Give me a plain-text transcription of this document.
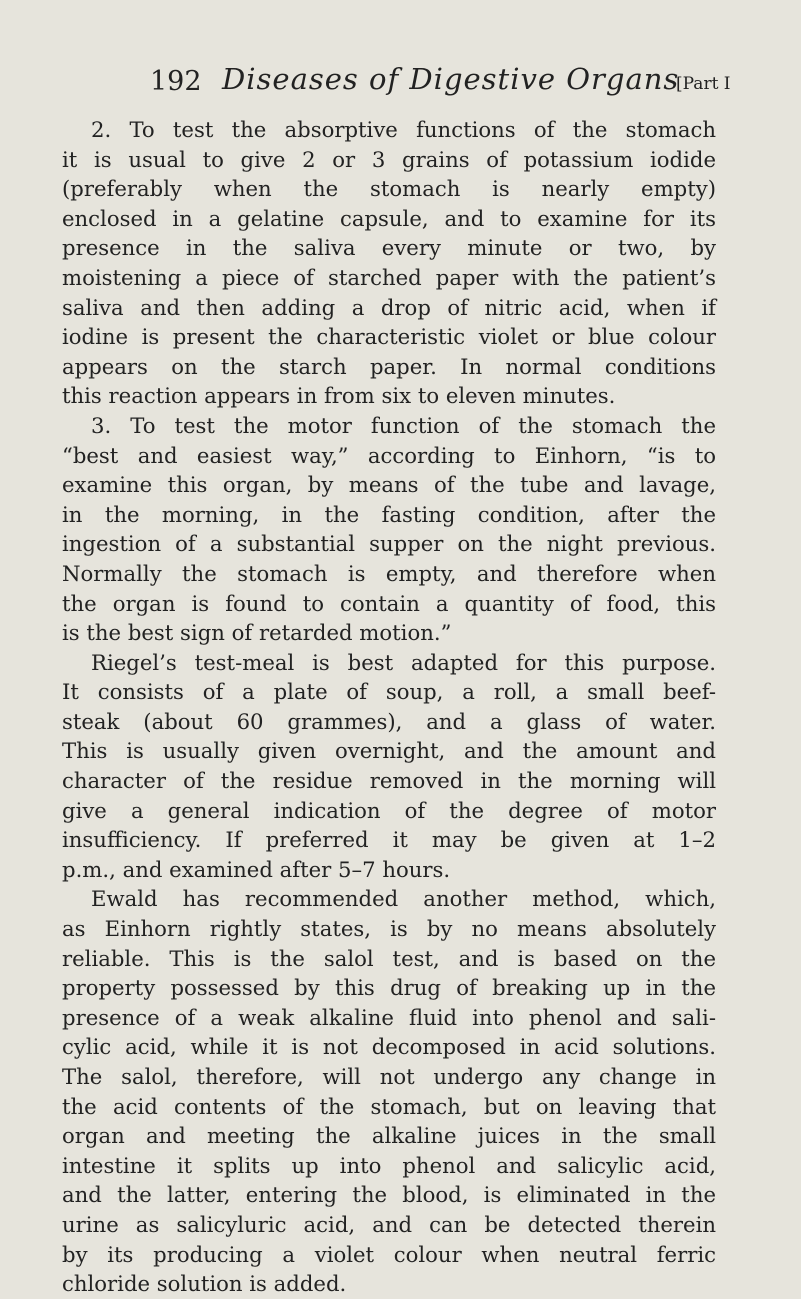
192 Diseases of Digestive Organs
[Part I
2. To test the absorptive functions of the stomach
it is usual to give 2 or 3 grains of potassium iodide
(preferably when the stomach is nearly empty)
enclosed in a gelatine capsule, and to examine for its
presence in the saliva every minute or two, by
moistening a piece of starched paper with the patient’s
saliva and then adding a drop of nitric acid, when if
iodine is present the characteristic violet or blue colour
appears on the starch paper. In normal conditions
this reaction appears in from six to eleven minutes.
3. To test the motor function of the stomach the
“best and easiest way,” according to Einhorn, “is to
examine this organ, by means of the tube and lavage,
in the morning, in the fasting condition, after the
ingestion of a substantial supper on the night previous.
Normally the stomach is empty, and therefore when
the organ is found to contain a quantity of food, this
is the best sign of retarded motion.”
Riegel’s test-meal is best adapted for this purpose.
It consists of a plate of soup, a roll, a small beef-
steak (about 60 grammes), and a glass of water.
This is usually given overnight, and the amount and
character of the residue removed in the morning will
give a general indication of the degree of motor
insufficiency. If preferred it may be given at 1–2
p.m., and examined after 5–7 hours.
Ewald has recommended another method, which,
as Einhorn rightly states, is by no means absolutely
reliable. This is the salol test, and is based on the
property possessed by this drug of breaking up in the
presence of a weak alkaline fluid into phenol and sali-
cylic acid, while it is not decomposed in acid solutions.
The salol, therefore, will not undergo any change in
the acid contents of the stomach, but on leaving that
organ and meeting the alkaline juices in the small
intestine it splits up into phenol and salicylic acid,
and the latter, entering the blood, is eliminated in the
urine as salicyluric acid, and can be detected therein
by its producing a violet colour when neutral ferric
chloride solution is added.
